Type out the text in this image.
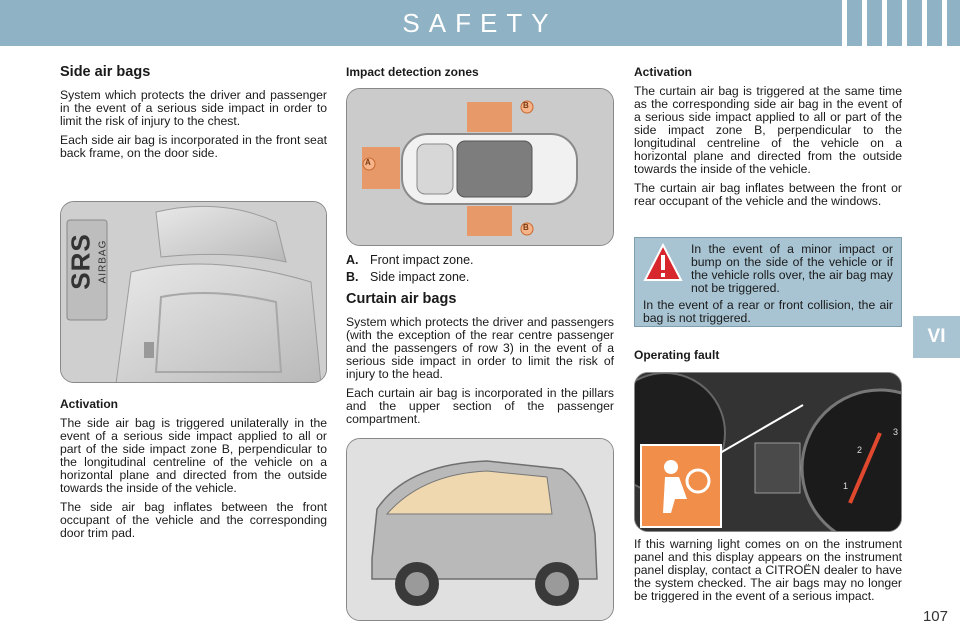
SAFETY
VI
Side air bags

System which protects the driver and passenger in the event of a serious side impact in order to limit the risk of injury to the chest.

Each side air bag is incorporated in the front seat back frame, on the door side.

SRS AIRBAG
Activation

The side air bag is triggered unilaterally in the event of a serious side impact applied to all or part of the side impact zone B, perpendicular to the longitudinal centreline of the vehicle on a horizontal plane and directed from the outside towards the inside of the vehicle.

The side air bag inflates between the front occupant of the vehicle and the corresponding door trim pad.

Impact detection zones
B
B
A
A. Front impact zone.
B. Side impact zone.
Curtain air bags

System which protects the driver and passengers (with the exception of the rear centre passenger and the passengers of row 3) in the event of a serious side impact in order to limit the risk of injury to the head.

Each curtain air bag is incorporated in the pillars and the upper section of the passenger compartment.

Activation

The curtain air bag is triggered at the same time as the corresponding side air bag in the event of a serious side impact applied to all or part of the side impact zone B, perpendicular to the longitudinal centreline of the vehicle on a horizontal plane and directed from the outside towards the inside of the vehicle.

The curtain air bag inflates between the front or rear occupant of the vehicle and the windows.

In the event of a minor impact or bump on the side of the vehicle or if the vehicle rolls over, the air bag may not be triggered.

In the event of a rear or front collision, the air bag is not triggered.

Operating fault
1
2
3

If this warning light comes on on the instrument panel and this display appears on the instrument panel display, contact a CITROËN dealer to have the system checked. The air bags may no longer be triggered in the event of a serious impact.

107
